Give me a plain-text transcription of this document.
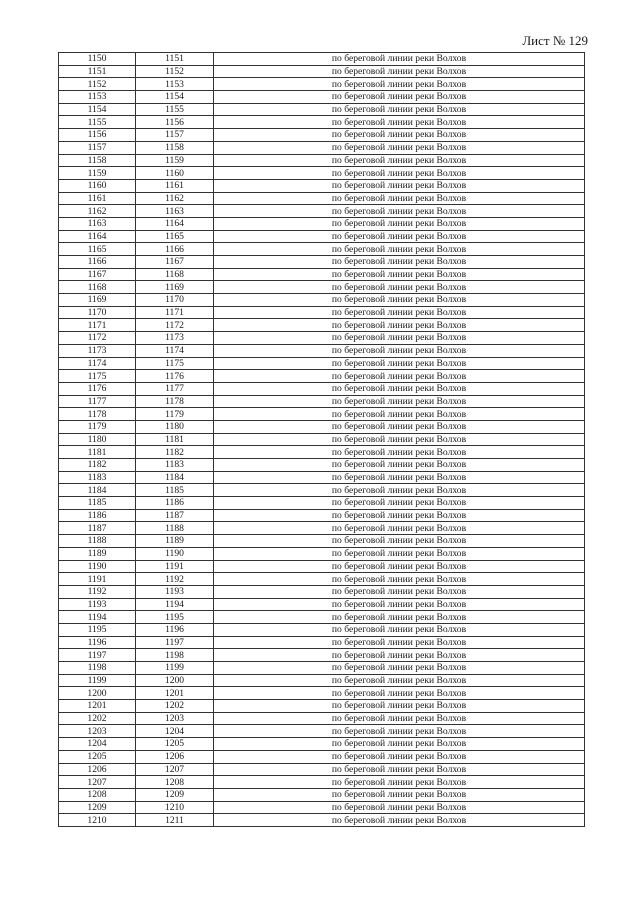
Лист № 129
1150	1151	по береговой линии реки Волхов
1151	1152	по береговой линии реки Волхов
1152	1153	по береговой линии реки Волхов
1153	1154	по береговой линии реки Волхов
1154	1155	по береговой линии реки Волхов
1155	1156	по береговой линии реки Волхов
1156	1157	по береговой линии реки Волхов
1157	1158	по береговой линии реки Волхов
1158	1159	по береговой линии реки Волхов
1159	1160	по береговой линии реки Волхов
1160	1161	по береговой линии реки Волхов
1161	1162	по береговой линии реки Волхов
1162	1163	по береговой линии реки Волхов
1163	1164	по береговой линии реки Волхов
1164	1165	по береговой линии реки Волхов
1165	1166	по береговой линии реки Волхов
1166	1167	по береговой линии реки Волхов
1167	1168	по береговой линии реки Волхов
1168	1169	по береговой линии реки Волхов
1169	1170	по береговой линии реки Волхов
1170	1171	по береговой линии реки Волхов
1171	1172	по береговой линии реки Волхов
1172	1173	по береговой линии реки Волхов
1173	1174	по береговой линии реки Волхов
1174	1175	по береговой линии реки Волхов
1175	1176	по береговой линии реки Волхов
1176	1177	по береговой линии реки Волхов
1177	1178	по береговой линии реки Волхов
1178	1179	по береговой линии реки Волхов
1179	1180	по береговой линии реки Волхов
1180	1181	по береговой линии реки Волхов
1181	1182	по береговой линии реки Волхов
1182	1183	по береговой линии реки Волхов
1183	1184	по береговой линии реки Волхов
1184	1185	по береговой линии реки Волхов
1185	1186	по береговой линии реки Волхов
1186	1187	по береговой линии реки Волхов
1187	1188	по береговой линии реки Волхов
1188	1189	по береговой линии реки Волхов
1189	1190	по береговой линии реки Волхов
1190	1191	по береговой линии реки Волхов
1191	1192	по береговой линии реки Волхов
1192	1193	по береговой линии реки Волхов
1193	1194	по береговой линии реки Волхов
1194	1195	по береговой линии реки Волхов
1195	1196	по береговой линии реки Волхов
1196	1197	по береговой линии реки Волхов
1197	1198	по береговой линии реки Волхов
1198	1199	по береговой линии реки Волхов
1199	1200	по береговой линии реки Волхов
1200	1201	по береговой линии реки Волхов
1201	1202	по береговой линии реки Волхов
1202	1203	по береговой линии реки Волхов
1203	1204	по береговой линии реки Волхов
1204	1205	по береговой линии реки Волхов
1205	1206	по береговой линии реки Волхов
1206	1207	по береговой линии реки Волхов
1207	1208	по береговой линии реки Волхов
1208	1209	по береговой линии реки Волхов
1209	1210	по береговой линии реки Волхов
1210	1211	по береговой линии реки Волхов
